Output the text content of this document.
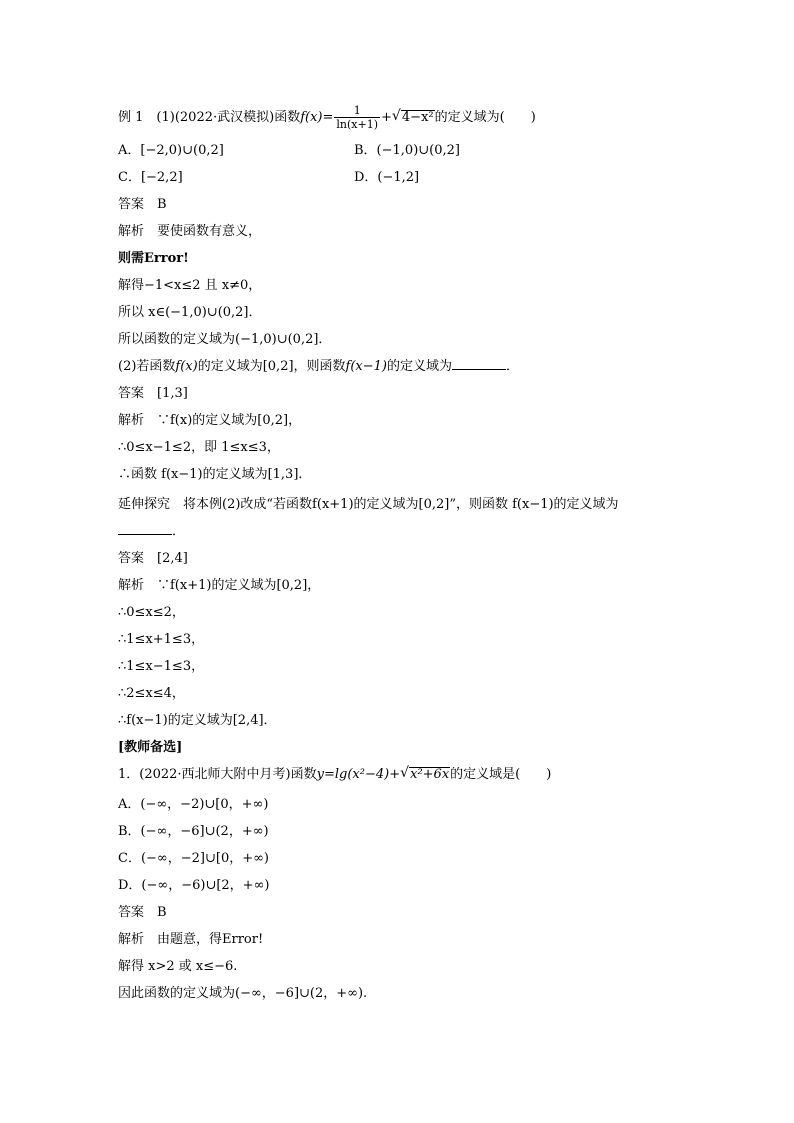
例 1　 (1)(2022·武汉模拟)函数$f(x)= \frac{1}{\ln(x+1)}$ + √ 4−x²的定义域为(　　)
A．[−2,0)∪(0,2]	B．(−1,0)∪(0,2]
C．[−2,2]	D．(−1,2]
答案　B
解析　要使函数有意义，
则需Error!
解得−1<x≤2 且 x≠0，
所以 x∈(−1,0)∪(0,2]．
所以函数的定义域为(−1,0)∪(0,2]．
(2)若函数f(x)的定义域为[0,2]，则函数f(x−1)的定义域为	．
答案　[1,3]
解析　∵f(x)的定义域为[0,2]，
∴0≤x−1≤2，即 1≤x≤3，
∴函数 f(x−1)的定义域为[1,3]．
延伸探究　将本例(2)改成“若函数f(x+1)的定义域为[0,2]”，则函数 f(x−1)的定义域为
．
答案　[2,4]
解析　∵f(x+1)的定义域为[0,2]，
∴0≤x≤2，
∴1≤x+1≤3，
∴1≤x−1≤3，
∴2≤x≤4，
∴f(x−1)的定义域为[2,4]．
[教师备选]
1．(2022·西北师大附中月考)函数y=lg(x²−4)+ √ x²+6x的定义域是(　　)
A．(−∞，−2)∪[0，+∞)
B．(−∞，−6]∪(2，+∞)
C．(−∞，−2]∪[0，+∞)
D．(−∞，−6)∪[2，+∞)
答案　B
解析　由题意，得Error!
解得 x>2 或 x≤−6.
因此函数的定义域为(−∞，−6]∪(2，+∞).
